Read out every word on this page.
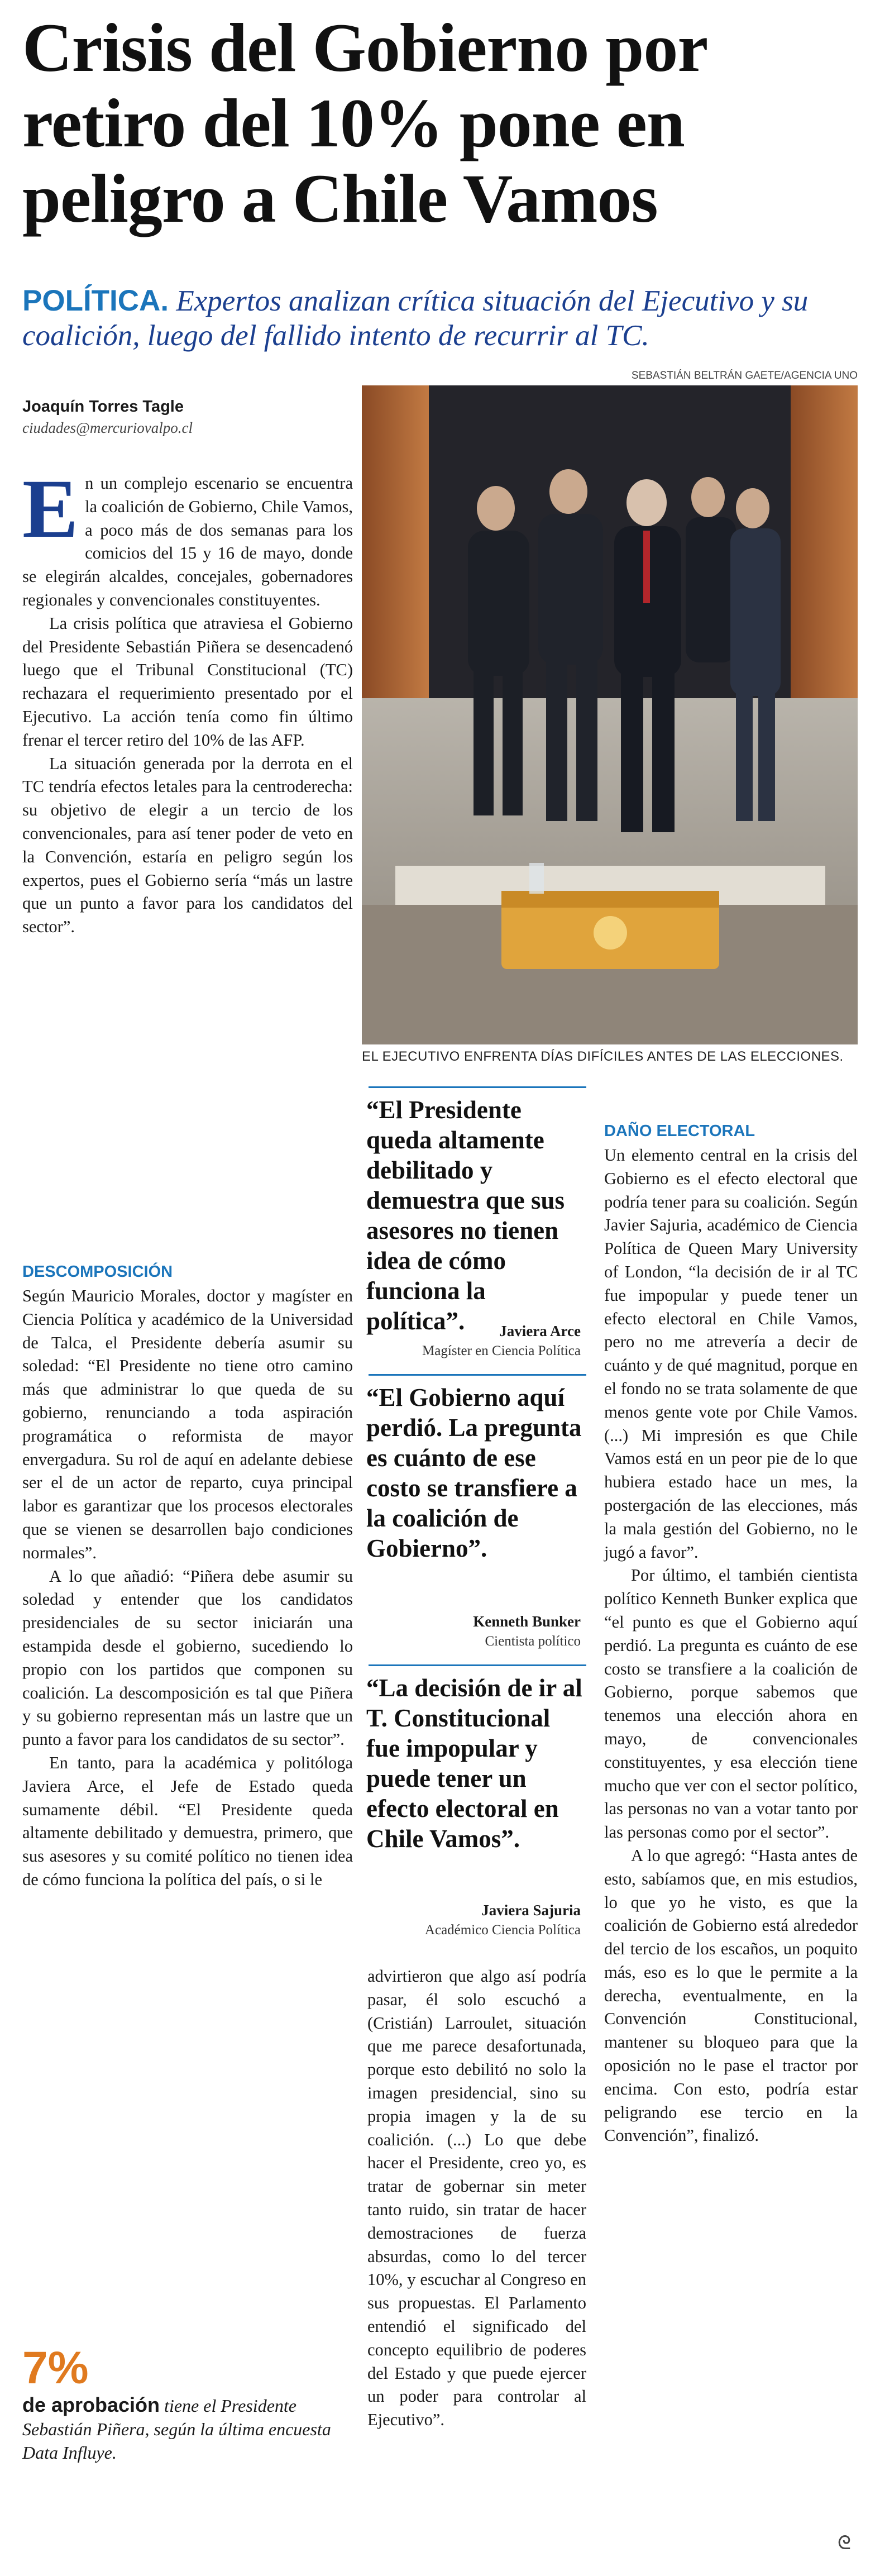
Crisis del Gobierno por retiro del 10% pone en peligro a Chile Vamos
POLÍTICA. Expertos analizan crítica situación del Ejecutivo y su coalición, luego del fallido intento de recurrir al TC.
Joaquín Torres Tagle
ciudades@mercuriovalpo.cl
SEBASTIÁN BELTRÁN GAETE/AGENCIA UNO
EL EJECUTIVO ENFRENTA DÍAS DIFÍCILES ANTES DE LAS ELECCIONES.

En un complejo escenario se encuentra la coalición de Gobierno, Chile Vamos, a poco más de dos semanas para los comicios del 15 y 16 de mayo, donde se elegirán alcaldes, concejales, gobernadores regionales y convencionales constituyentes.

La crisis política que atraviesa el Gobierno del Presidente Sebastián Piñera se desencadenó luego que el Tribunal Constitucional (TC) rechazara el requerimiento presentado por el Ejecutivo. La acción tenía como fin último frenar el tercer retiro del 10% de las AFP.

La situación generada por la derrota en el TC tendría efectos letales para la centroderecha: su objetivo de elegir a un tercio de los convencionales, para así tener poder de veto en la Convención, estaría en peligro según los expertos, pues el Gobierno sería “más un lastre que un punto a favor para los candidatos del sector”.

DESCOMPOSICIÓN

Según Mauricio Morales, doctor y magíster en Ciencia Política y académico de la Universidad de Talca, el Presidente debería asumir su soledad: “El Presidente no tiene otro camino más que administrar lo que queda de su gobierno, renunciando a toda aspiración programática o reformista de mayor envergadura. Su rol de aquí en adelante debiese ser el de un actor de reparto, cuya principal labor es garantizar que los procesos electorales que se vienen se desarrollen bajo condiciones normales”.

A lo que añadió: “Piñera debe asumir su soledad y entender que los candidatos presidenciales de su sector iniciarán una estampida desde el gobierno, sucediendo lo propio con los partidos que componen su coalición. La descomposición es tal que Piñera y su gobierno representan más un lastre que un punto a favor para los candidatos de su sector”.

En tanto, para la académica y politóloga Javiera Arce, el Jefe de Estado queda sumamente débil. “El Presidente queda altamente debilitado y demuestra, primero, que sus asesores y su comité político no tienen idea de cómo funciona la política del país, o si le

“El Presidente queda altamente debilitado y demuestra que sus asesores no tienen idea de cómo funciona la política”.	Javiera Arce
Magíster en Ciencia Política
“El Gobierno aquí perdió. La pregunta es cuánto de ese costo se transfiere a la coalición de Gobierno”.
Kenneth Bunker
Cientista político
“La decisión de ir al T. Constitucional fue impopular y puede tener un efecto electoral en Chile Vamos”.
Javiera Sajuria
Académico Ciencia Política

advirtieron que algo así podría pasar, él solo escuchó a (Cristián) Larroulet, situación que me parece desafortunada, porque esto debilitó no solo la imagen presidencial, sino su propia imagen y la de su coalición. (...) Lo que debe hacer el Presidente, creo yo, es tratar de gobernar sin meter tanto ruido, sin tratar de hacer demostraciones de fuerza absurdas, como lo del tercer 10%, y escuchar al Congreso en sus propuestas. El Parlamento entendió el significado del concepto equilibrio de poderes del Estado y que puede ejercer un poder para controlar al Ejecutivo”.

DAÑO ELECTORAL

Un elemento central en la crisis del Gobierno es el efecto electoral que podría tener para su coalición. Según Javier Sajuria, académico de Ciencia Política de Queen Mary University of London, “la decisión de ir al TC fue impopular y puede tener un efecto electoral en Chile Vamos, pero no me atrevería a decir de cuánto y de qué magnitud, porque en el fondo no se trata solamente de que menos gente vote por Chile Vamos. (...) Mi impresión es que Chile Vamos está en un peor pie de lo que hubiera estado hace un mes, la postergación de las elecciones, más la mala gestión del Gobierno, no le jugó a favor”.

Por último, el también cientista político Kenneth Bunker explica que “el punto es que el Gobierno aquí perdió. La pregunta es cuánto de ese costo se transfiere a la coalición de Gobierno, porque sabemos que tenemos una elección ahora en mayo, de convencionales constituyentes, y esa elección tiene mucho que ver con el sector político, las personas no van a votar tanto por las personas como por el sector”.

A lo que agregó: “Hasta antes de esto, sabíamos que, en mis estudios, lo que yo he visto, es que la coalición de Gobierno está alrededor del tercio de los escaños, un poquito más, eso es lo que le permite a la derecha, eventualmente, en la Convención Constitucional, mantener su bloqueo para que la oposición no le pase el tractor por encima. Con esto, podría estar peligrando ese tercio en la Convención”, finalizó.

7%
de aprobación tiene el Presidente Sebastián Piñera, según la última encuesta Data Influye.
ᘓ
